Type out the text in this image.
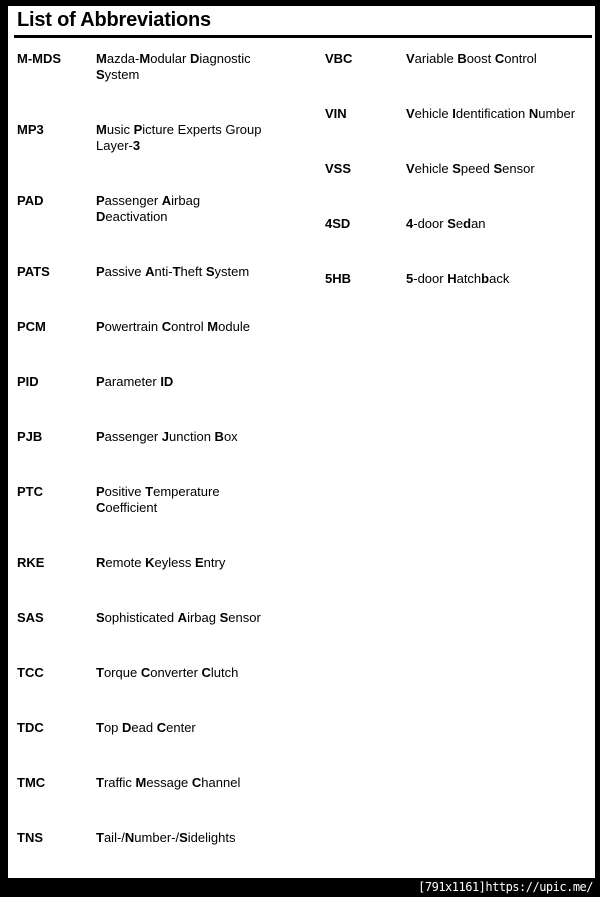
List of Abbreviations
M-MDS	Mazda-Modular Diagnostic
System
MP3	Music Picture Experts Group
Layer-3
PAD	Passenger Airbag
Deactivation
PATS	Passive Anti-Theft System
PCM	Powertrain Control Module
PID	Parameter ID
PJB	Passenger Junction Box
PTC	Positive Temperature
Coefficient
RKE	Remote Keyless Entry
SAS	Sophisticated Airbag Sensor
TCC	Torque Converter Clutch
TDC	Top Dead Center
TMC	Traffic Message Channel
TNS	Tail-/Number-/Sidelights
VBC	Variable Boost Control
VIN	Vehicle Identification Number
VSS	Vehicle Speed Sensor
4SD	4-door Sedan
5HB	5-door Hatchback
[791x1161]https://upic.me/
